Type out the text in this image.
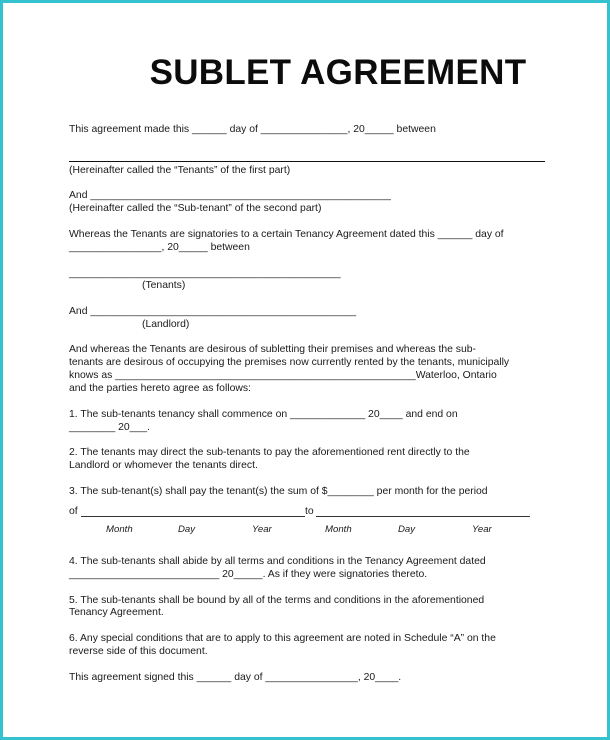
SUBLET AGREEMENT
This agreement made this ______ day of _______________, 20_____ between
(Hereinafter called the “Tenants” of the first part)
And ____________________________________________________
(Hereinafter called the “Sub-tenant” of the second part)
Whereas the Tenants are signatories to a certain Tenancy Agreement dated this ______ day of
________________, 20_____ between
_______________________________________________
(Tenants)
And ______________________________________________
(Landlord)
And whereas the Tenants are desirous of subletting their premises and whereas the sub-
tenants are desirous of occupying the premises now currently rented by the tenants, municipally
knows as ____________________________________________________Waterloo, Ontario
and the parties hereto agree as follows:
1. The sub-tenants tenancy shall commence on _____________ 20____ and end on
________ 20___.
2. The tenants may direct the sub-tenants to pay the aforementioned rent directly to the
Landlord or whomever the tenants direct.
3. The sub-tenant(s) shall pay the tenant(s) the sum of $________ per month for the period
of	to
Month	Day	Year	Month	Day	Year
4. The sub-tenants shall abide by all terms and conditions in the Tenancy Agreement dated
__________________________ 20_____. As if they were signatories thereto.
5. The sub-tenants shall be bound by all of the terms and conditions in the aforementioned
Tenancy Agreement.
6. Any special conditions that are to apply to this agreement are noted in Schedule “A” on the
reverse side of this document.
This agreement signed this ______ day of ________________, 20____.
